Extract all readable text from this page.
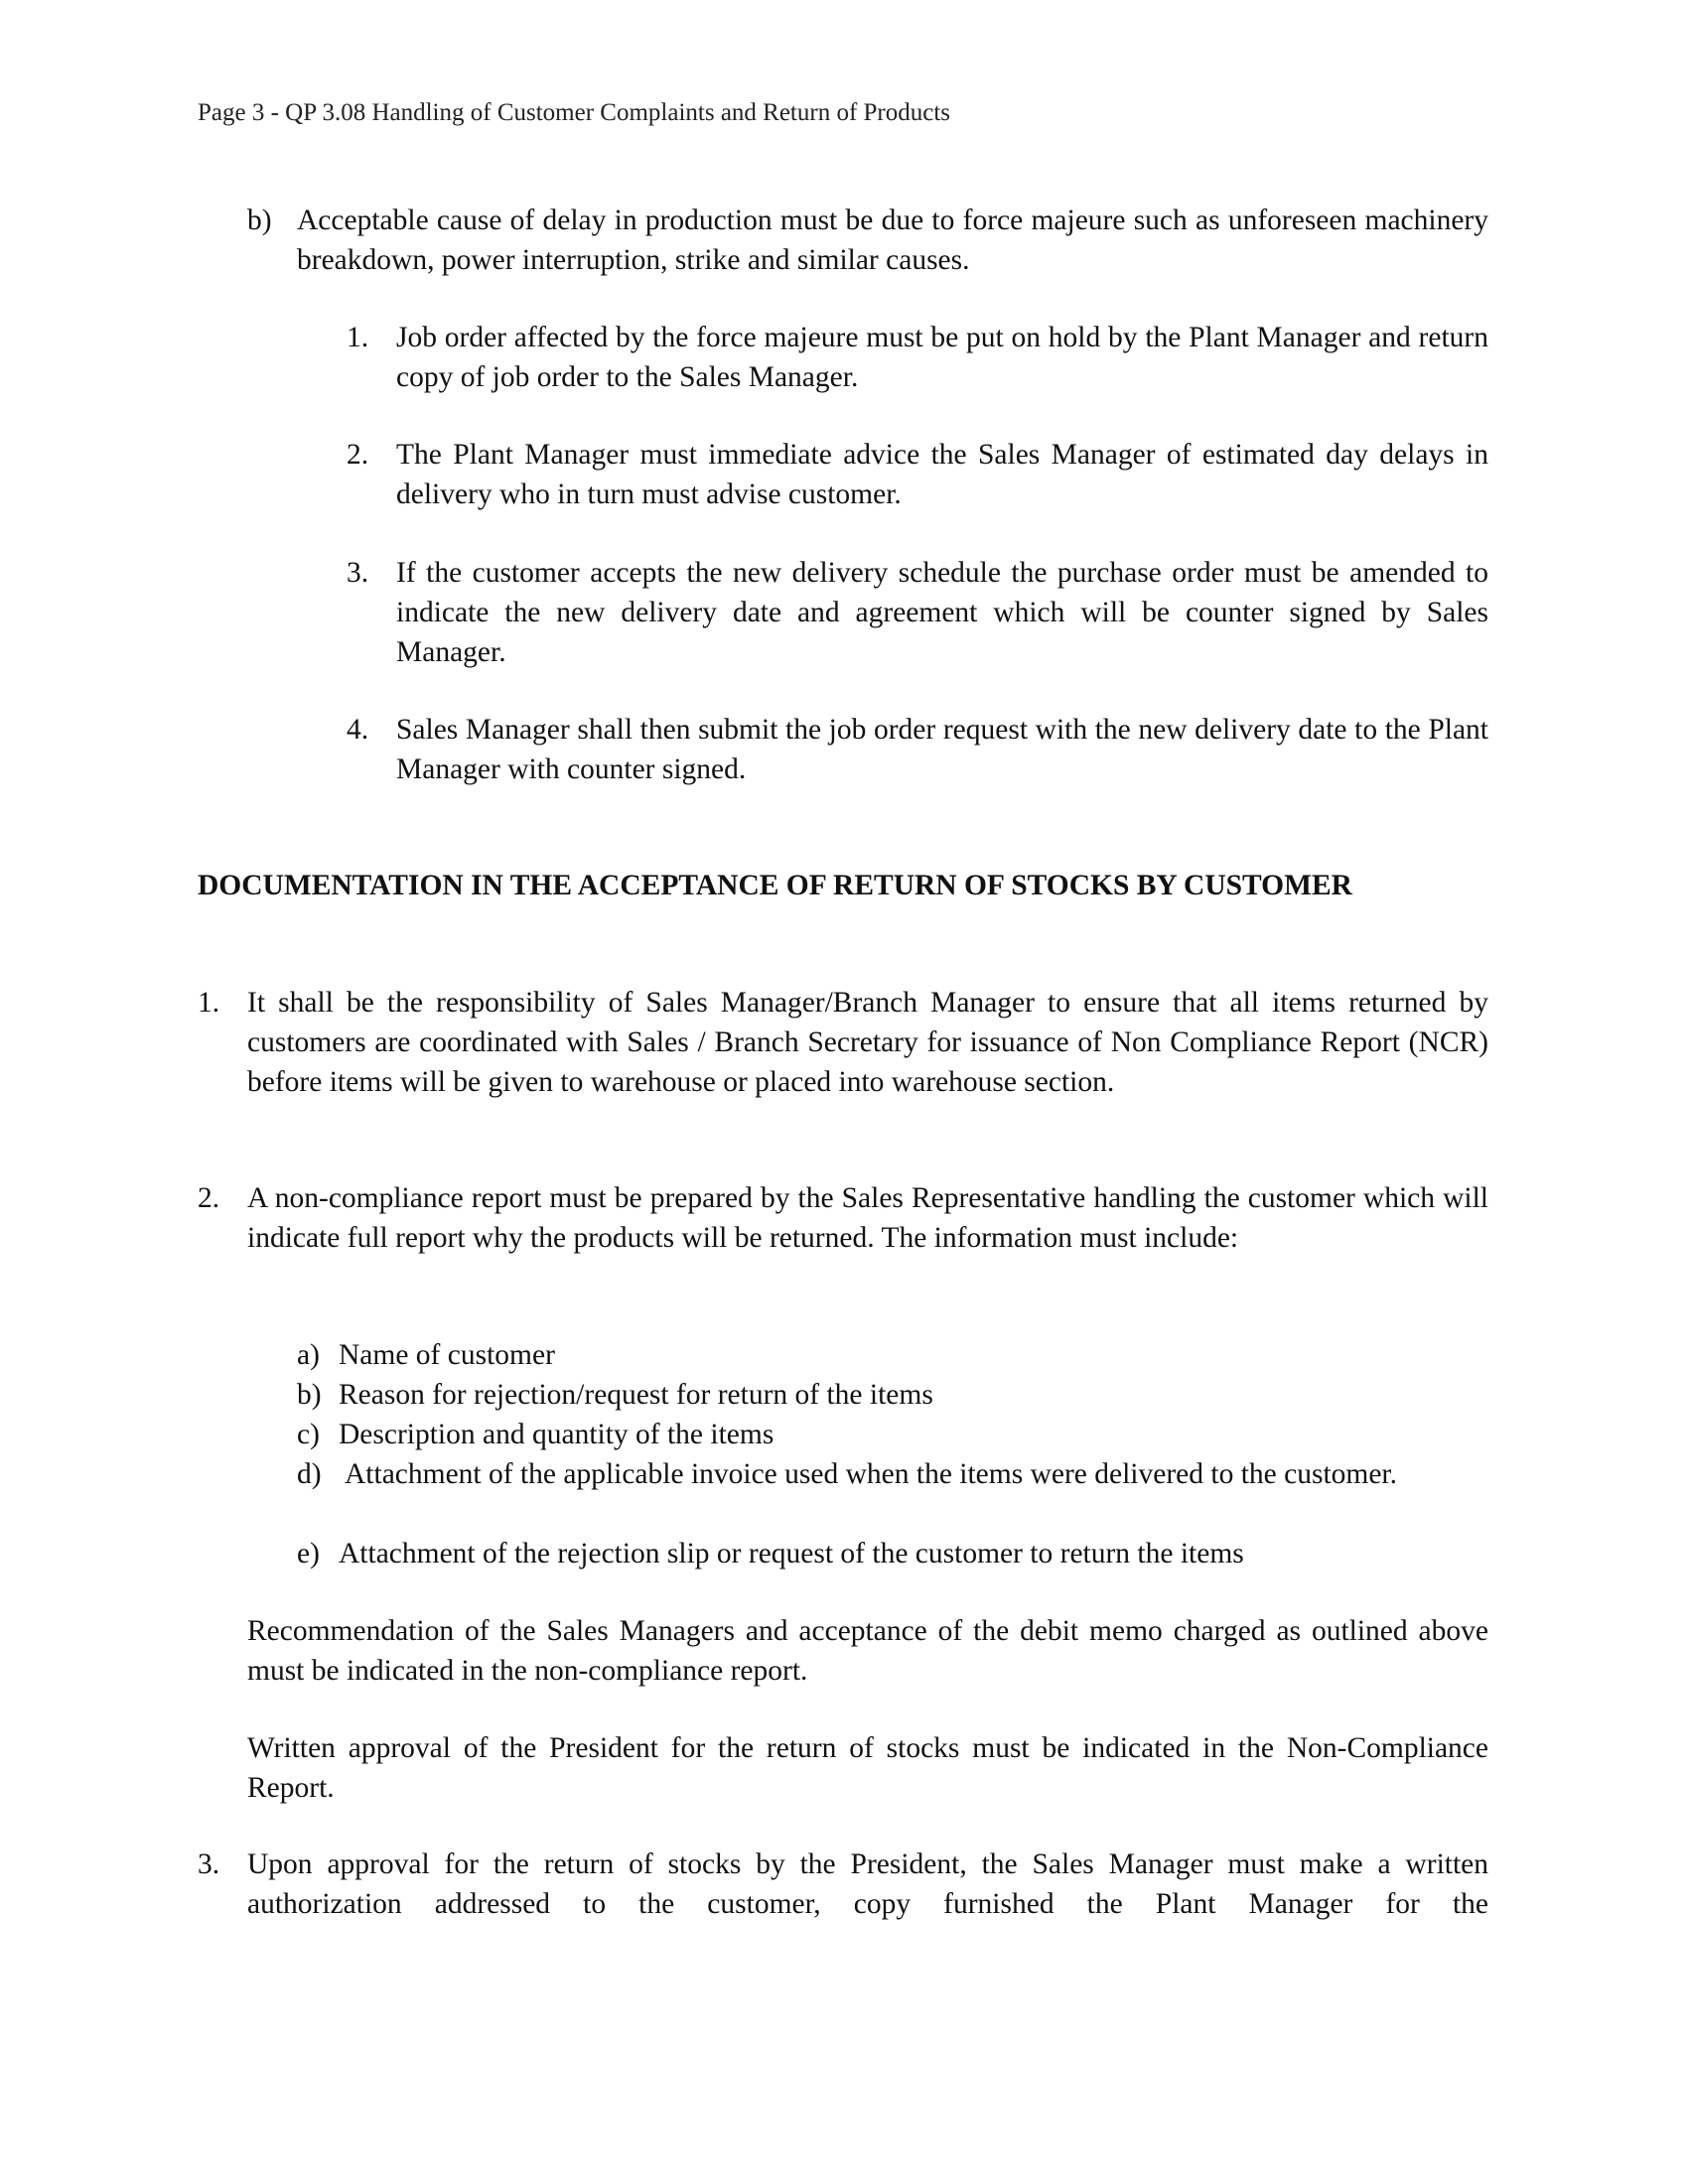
Page 3 - QP 3.08 Handling of Customer Complaints and Return of Products
b) Acceptable cause of delay in production must be due to force majeure such as unforeseen machinery breakdown, power interruption, strike and similar causes.
1. Job order affected by the force majeure must be put on hold by the Plant Manager and return copy of job order to the Sales Manager.
2. The Plant Manager must immediate advice the Sales Manager of estimated day delays in delivery who in turn must advise customer.
3. If the customer accepts the new delivery schedule the purchase order must be amended to indicate the new delivery date and agreement which will be counter signed by Sales Manager.
4. Sales Manager shall then submit the job order request with the new delivery date to the Plant Manager with counter signed.
DOCUMENTATION IN THE ACCEPTANCE OF RETURN OF STOCKS BY CUSTOMER
1. It shall be the responsibility of Sales Manager/Branch Manager to ensure that all items returned by customers are coordinated with Sales / Branch Secretary for issuance of Non Compliance Report (NCR) before items will be given to warehouse or placed into warehouse section.
2. A non-compliance report must be prepared by the Sales Representative handling the customer which will indicate full report why the products will be returned. The information must include:
a) Name of customer
b) Reason for rejection/request for return of the items
c) Description and quantity of the items
d) Attachment of the applicable invoice used when the items were delivered to the customer.
e) Attachment of the rejection slip or request of the customer to return the items
Recommendation of the Sales Managers and acceptance of the debit memo charged as outlined above must be indicated in the non-compliance report.
Written approval of the President for the return of stocks must be indicated in the Non-Compliance Report.
3. Upon approval for the return of stocks by the President, the Sales Manager must make a written authorization addressed to the customer, copy furnished the Plant Manager for the
